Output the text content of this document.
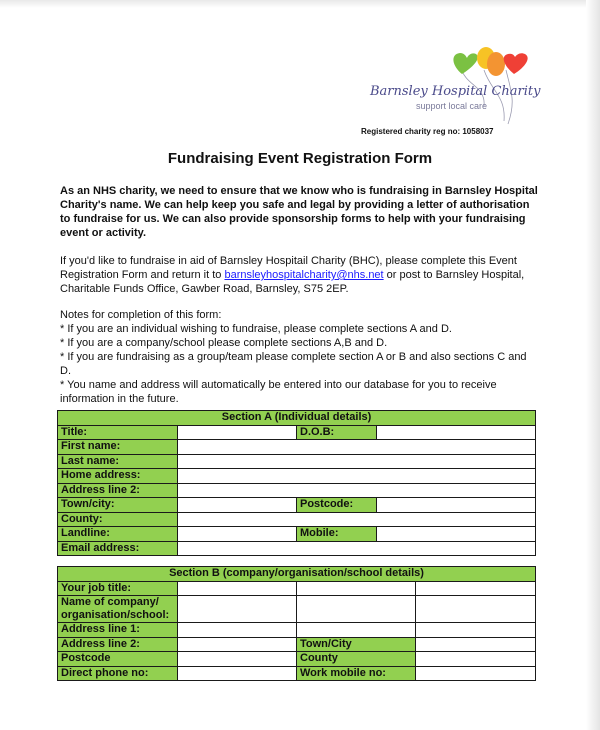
Barnsley Hospital Charity
support local care
Registered charity reg no: 1058037
Fundraising Event Registration Form
As an NHS charity, we need to ensure that we know who is fundraising in Barnsley Hospital Charity's name. We can help keep you safe and legal by providing a letter of authorisation to fundraise for us. We can also provide sponsorship forms to help with your fundraising event or activity.
If you'd like to fundraise in aid of Barnsley Hospitail Charity (BHC), please complete this Event Registration Form and return it to barnsleyhospitalcharity@nhs.net or post to Barnsley Hospital, Charitable Funds Office, Gawber Road, Barnsley, S75 2EP.

Notes for completion of this form:

* If you are an individual wishing to fundraise, please complete sections A and D.

* If you are a company/school please complete sections A,B and D.

* If you are fundraising as a group/team please complete section A or B and also sections C and D.

* You name and address will automatically be entered into our database for you to receive information in the future.

Section A (Individual details)			
Title:		D.O.B:	
First name:			
Last name:			
Home address:			
Address line 2:			
Town/city:		Postcode:	
County:			
Landline:		Mobile:	
Email address:			
Section B (company/organisation/school details)			
Your job title:			
Name of company/ organisation/school:			
Address line 1:			
Address line 2:		Town/City	
Postcode		County	
Direct phone no:		Work mobile no:	
